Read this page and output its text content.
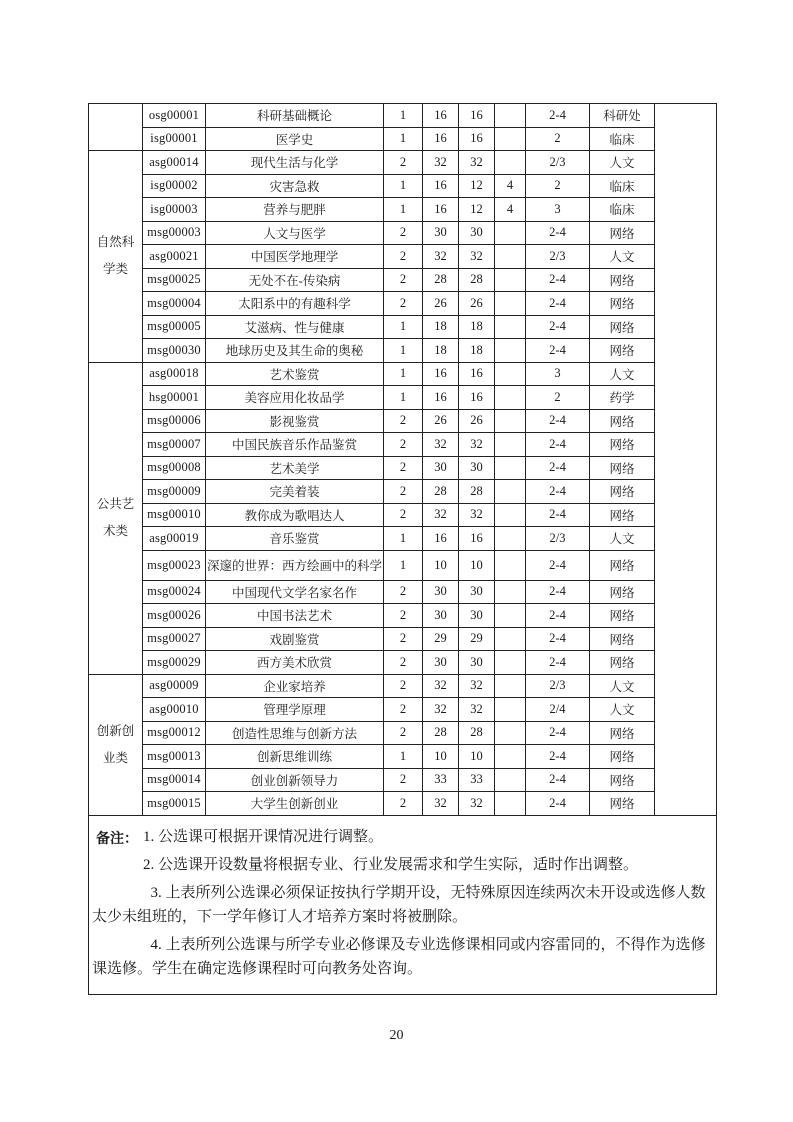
	osg00001	科研基础概论	1	16	16		2-4	科研处	
	isg00001	医学史	1	16	16		2	临床	

自然科
学类	asg00014	现代生活与化学	2	32	32		2/3	人文	
	isg00002	灾害急救	1	16	12	4	2	临床	
	isg00003	营养与肥胖	1	16	12	4	3	临床	
	msg00003	人文与医学	2	30	30		2-4	网络	
	asg00021	中国医学地理学	2	32	32		2/3	人文	
	msg00025	无处不在-传染病	2	28	28		2-4	网络	
	msg00004	太阳系中的有趣科学	2	26	26		2-4	网络	
	msg00005	艾滋病、性与健康	1	18	18		2-4	网络	
	msg00030	地球历史及其生命的奥秘	1	18	18		2-4	网络	

公共艺
术类	asg00018	艺术鉴赏	1	16	16		3	人文	
	hsg00001	美容应用化妆品学	1	16	16		2	药学	
	msg00006	影视鉴赏	2	26	26		2-4	网络	
	msg00007	中国民族音乐作品鉴赏	2	32	32		2-4	网络	
	msg00008	艺术美学	2	30	30		2-4	网络	
	msg00009	完美着装	2	28	28		2-4	网络	
	msg00010	教你成为歌唱达人	2	32	32		2-4	网络	
	asg00019	音乐鉴赏	1	16	16		2/3	人文	
	msg00023	深邃的世界：西方绘画中的科学	1	10	10		2-4	网络	
	msg00024	中国现代文学名家名作	2	30	30		2-4	网络	
	msg00026	中国书法艺术	2	30	30		2-4	网络	
	msg00027	戏剧鉴赏	2	29	29		2-4	网络	
	msg00029	西方美术欣赏	2	30	30		2-4	网络	

创新创
业类	asg00009	企业家培养	2	32	32		2/3	人文	
	asg00010	管理学原理	2	32	32		2/4	人文	
	msg00012	创造性思维与创新方法	2	28	28		2-4	网络	
	msg00013	创新思维训练	1	10	10		2-4	网络	
	msg00014	创业创新领导力	2	33	33		2-4	网络	
	msg00015	大学生创新创业	2	32	32		2-4	网络	

备注： 1. 公选课可根据开课情况进行调整。

2. 公选课开设数量将根据专业、行业发展需求和学生实际，适时作出调整。

3. 上表所列公选课必须保证按执行学期开设，无特殊原因连续两次未开设或选修人数太少未组班的，下一学年修订人才培养方案时将被删除。

4. 上表所列公选课与所学专业必修课及专业选修课相同或内容雷同的，不得作为选修课选修。学生在确定选修课程时可向教务处咨询。									

20
